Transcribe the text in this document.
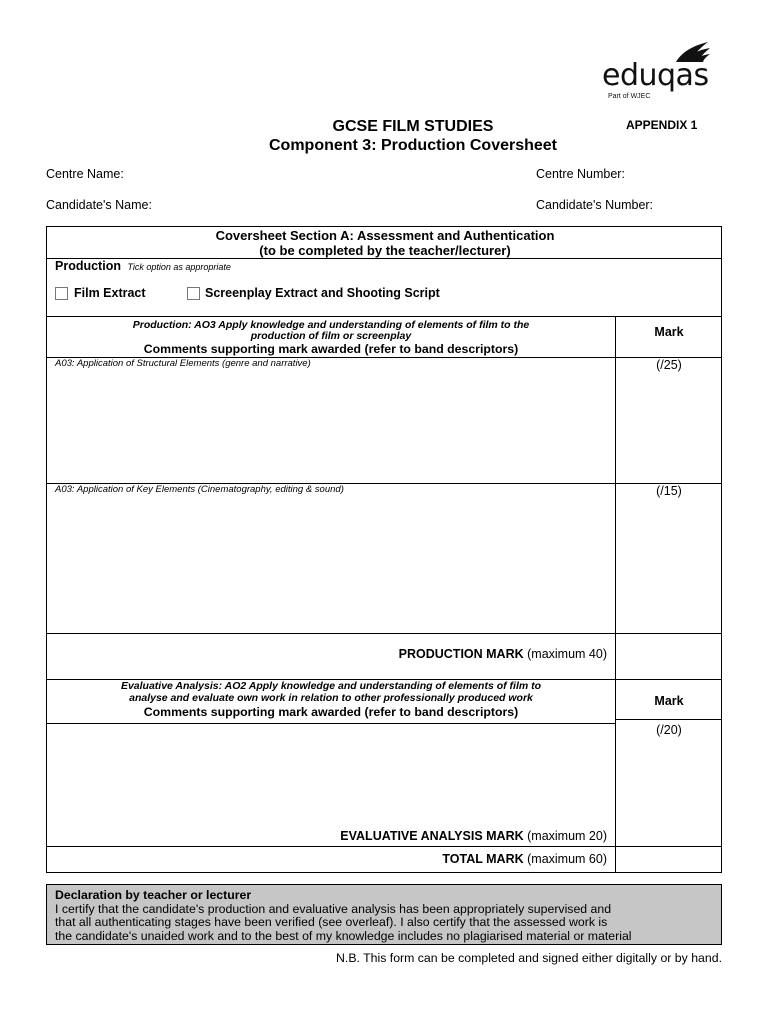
eduqas
Part of WJEC
GCSE FILM STUDIES
Component 3: Production Coversheet
APPENDIX 1
Centre Name:	Centre Number:
Candidate's Name:	Candidate's Number:
Coversheet Section A: Assessment and Authentication
(to be completed by the teacher/lecturer)
Production Tick option as appropriate
Film Extract	Screenplay Extract and Shooting Script
Production: AO3 Apply knowledge and understanding of elements of film to the
production of film or screenplay
Comments supporting mark awarded (refer to band descriptors)
Mark
A03: Application of Structural Elements (genre and narrative)	(/25)
A03: Application of Key Elements (Cinematography, editing & sound)	(/15)
PRODUCTION MARK (maximum 40)
Evaluative Analysis: AO2 Apply knowledge and understanding of elements of film to
analyse and evaluate own work in relation to other professionally produced work
Comments supporting mark awarded (refer to band descriptors)
Mark
(/20)
EVALUATIVE ANALYSIS MARK (maximum 20)
TOTAL MARK (maximum 60)
Declaration by teacher or lecturer
I certify that the candidate's production and evaluative analysis has been appropriately supervised and
that all authenticating stages have been verified (see overleaf). I also certify that the assessed work is
the candidate's unaided work and to the best of my knowledge includes no plagiarised material or material
N.B. This form can be completed and signed either digitally or by hand.
